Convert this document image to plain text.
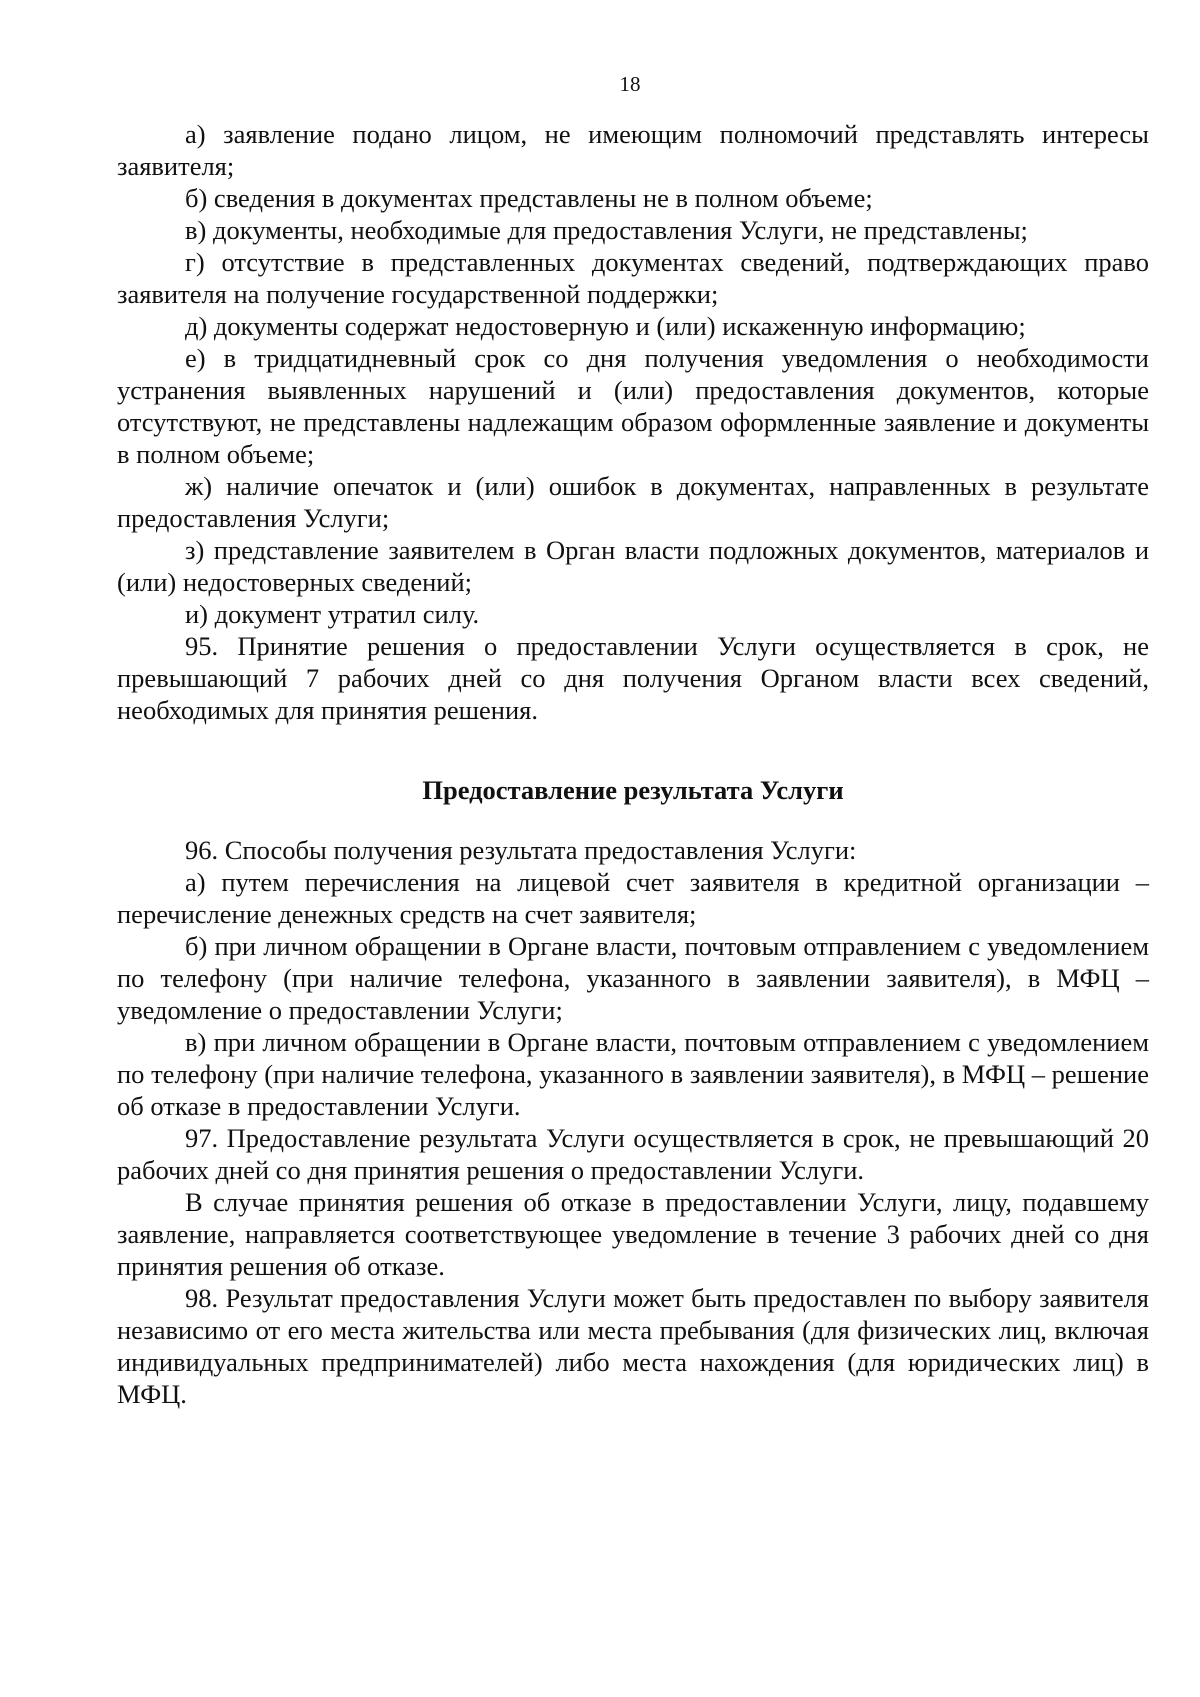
18

а) заявление подано лицом, не имеющим полномочий представлять интересы заявителя;

б) сведения в документах представлены не в полном объеме;

в) документы, необходимые для предоставления Услуги, не представлены;

г) отсутствие в представленных документах сведений, подтверждающих право заявителя на получение государственной поддержки;

д) документы содержат недостоверную и (или) искаженную информацию;

е) в тридцатидневный срок со дня получения уведомления о необходимости устранения выявленных нарушений и (или) предоставления документов, которые отсутствуют, не представлены надлежащим образом оформленные заявление и документы в полном объеме;

ж) наличие опечаток и (или) ошибок в документах, направленных в результате предоставления Услуги;

з) представление заявителем в Орган власти подложных документов, материалов и (или) недостоверных сведений;

и) документ утратил силу.

95. Принятие решения о предоставлении Услуги осуществляется в срок, не превышающий 7 рабочих дней со дня получения Органом власти всех сведений, необходимых для принятия решения.

Предоставление результата Услуги

96. Способы получения результата предоставления Услуги:

а) путем перечисления на лицевой счет заявителя в кредитной организации – перечисление денежных средств на счет заявителя;

б) при личном обращении в Органе власти, почтовым отправлением с уведомлением по телефону (при наличие телефона, указанного в заявлении заявителя), в МФЦ – уведомление о предоставлении Услуги;

в) при личном обращении в Органе власти, почтовым отправлением с уведомлением по телефону (при наличие телефона, указанного в заявлении заявителя), в МФЦ – решение об отказе в предоставлении Услуги.

97. Предоставление результата Услуги осуществляется в срок, не превышающий 20 рабочих дней со дня принятия решения о предоставлении Услуги.

В случае принятия решения об отказе в предоставлении Услуги, лицу, подавшему заявление, направляется соответствующее уведомление в течение 3 рабочих дней со дня принятия решения об отказе.

98. Результат предоставления Услуги может быть предоставлен по выбору заявителя независимо от его места жительства или места пребывания (для физических лиц, включая индивидуальных предпринимателей) либо места нахождения (для юридических лиц) в МФЦ.
